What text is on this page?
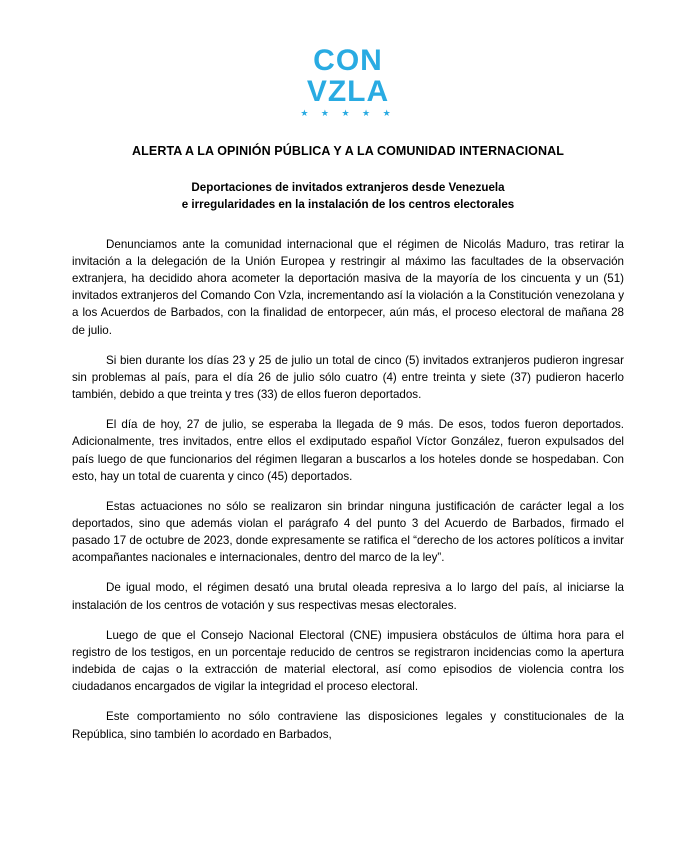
CON
VZLA
★ ★ ★ ★ ★
ALERTA A LA OPINIÓN PÚBLICA Y A LA COMUNIDAD INTERNACIONAL
Deportaciones de invitados extranjeros desde Venezuela
e irregularidades en la instalación de los centros electorales

Denunciamos ante la comunidad internacional que el régimen de Nicolás Maduro, tras retirar la invitación a la delegación de la Unión Europea y restringir al máximo las facultades de la observación extranjera, ha decidido ahora acometer la deportación masiva de la mayoría de los cincuenta y un (51) invitados extranjeros del Comando Con Vzla, incrementando así la violación a la Constitución venezolana y a los Acuerdos de Barbados, con la finalidad de entorpecer, aún más, el proceso electoral de mañana 28 de julio.

Si bien durante los días 23 y 25 de julio un total de cinco (5) invitados extranjeros pudieron ingresar sin problemas al país, para el día 26 de julio sólo cuatro (4) entre treinta y siete (37) pudieron hacerlo también, debido a que treinta y tres (33) de ellos fueron deportados.

El día de hoy, 27 de julio, se esperaba la llegada de 9 más. De esos, todos fueron deportados. Adicionalmente, tres invitados, entre ellos el exdiputado español Víctor González, fueron expulsados del país luego de que funcionarios del régimen llegaran a buscarlos a los hoteles donde se hospedaban. Con esto, hay un total de cuarenta y cinco (45) deportados.

Estas actuaciones no sólo se realizaron sin brindar ninguna justificación de carácter legal a los deportados, sino que además violan el parágrafo 4 del punto 3 del Acuerdo de Barbados, firmado el pasado 17 de octubre de 2023, donde expresamente se ratifica el “derecho de los actores políticos a invitar acompañantes nacionales e internacionales, dentro del marco de la ley”.

De igual modo, el régimen desató una brutal oleada represiva a lo largo del país, al iniciarse la instalación de los centros de votación y sus respectivas mesas electorales.

Luego de que el Consejo Nacional Electoral (CNE) impusiera obstáculos de última hora para el registro de los testigos, en un porcentaje reducido de centros se registraron incidencias como la apertura indebida de cajas o la extracción de material electoral, así como episodios de violencia contra los ciudadanos encargados de vigilar la integridad el proceso electoral.

Este comportamiento no sólo contraviene las disposiciones legales y constitucionales de la República, sino también lo acordado en Barbados,
